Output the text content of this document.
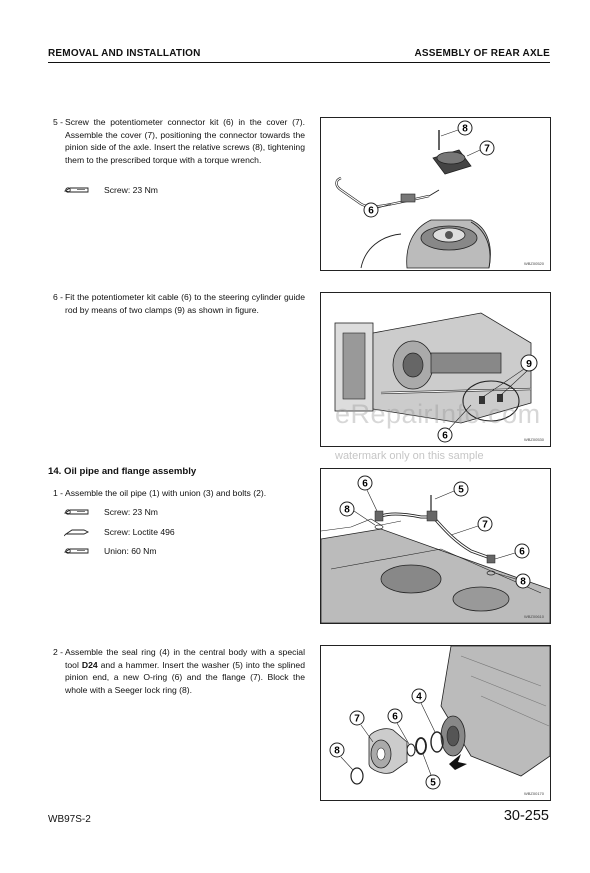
REMOVAL AND INSTALLATION	ASSEMBLY OF REAR AXLE
5 - Screw the potentiometer connector kit (6) in the cover (7). Assemble the cover (7), positioning the connector towards the pinion side of the axle. Insert the relative screws (8), tightening them to the prescribed torque with a torque wrench.
Screw: 23 Nm
8
7
6
WBZ00520
6 - Fit the potentiometer kit cable (6) to the steering cylinder guide rod by means of two clamps (9) as shown in figure.
9
6	WBZ00530
14. Oil pipe and flange assembly
1 - Assemble the oil pipe (1) with union (3) and bolts (2).
Screw: 23 Nm
Screw: Loctite 496
Union: 60 Nm
6
5
8
7
6
8
WBZ00610
2 - Assemble the seal ring (4) in the central body with a special tool D24 and a hammer. Insert the washer (5) into the splined pinion end, a new O-ring (6) and the flange (7). Block the whole with a Seeger lock ring (8).
4
7	6
8
5
WBZ00170
eRepairInfo.com
watermark only on this sample
WB97S-2	30-255
